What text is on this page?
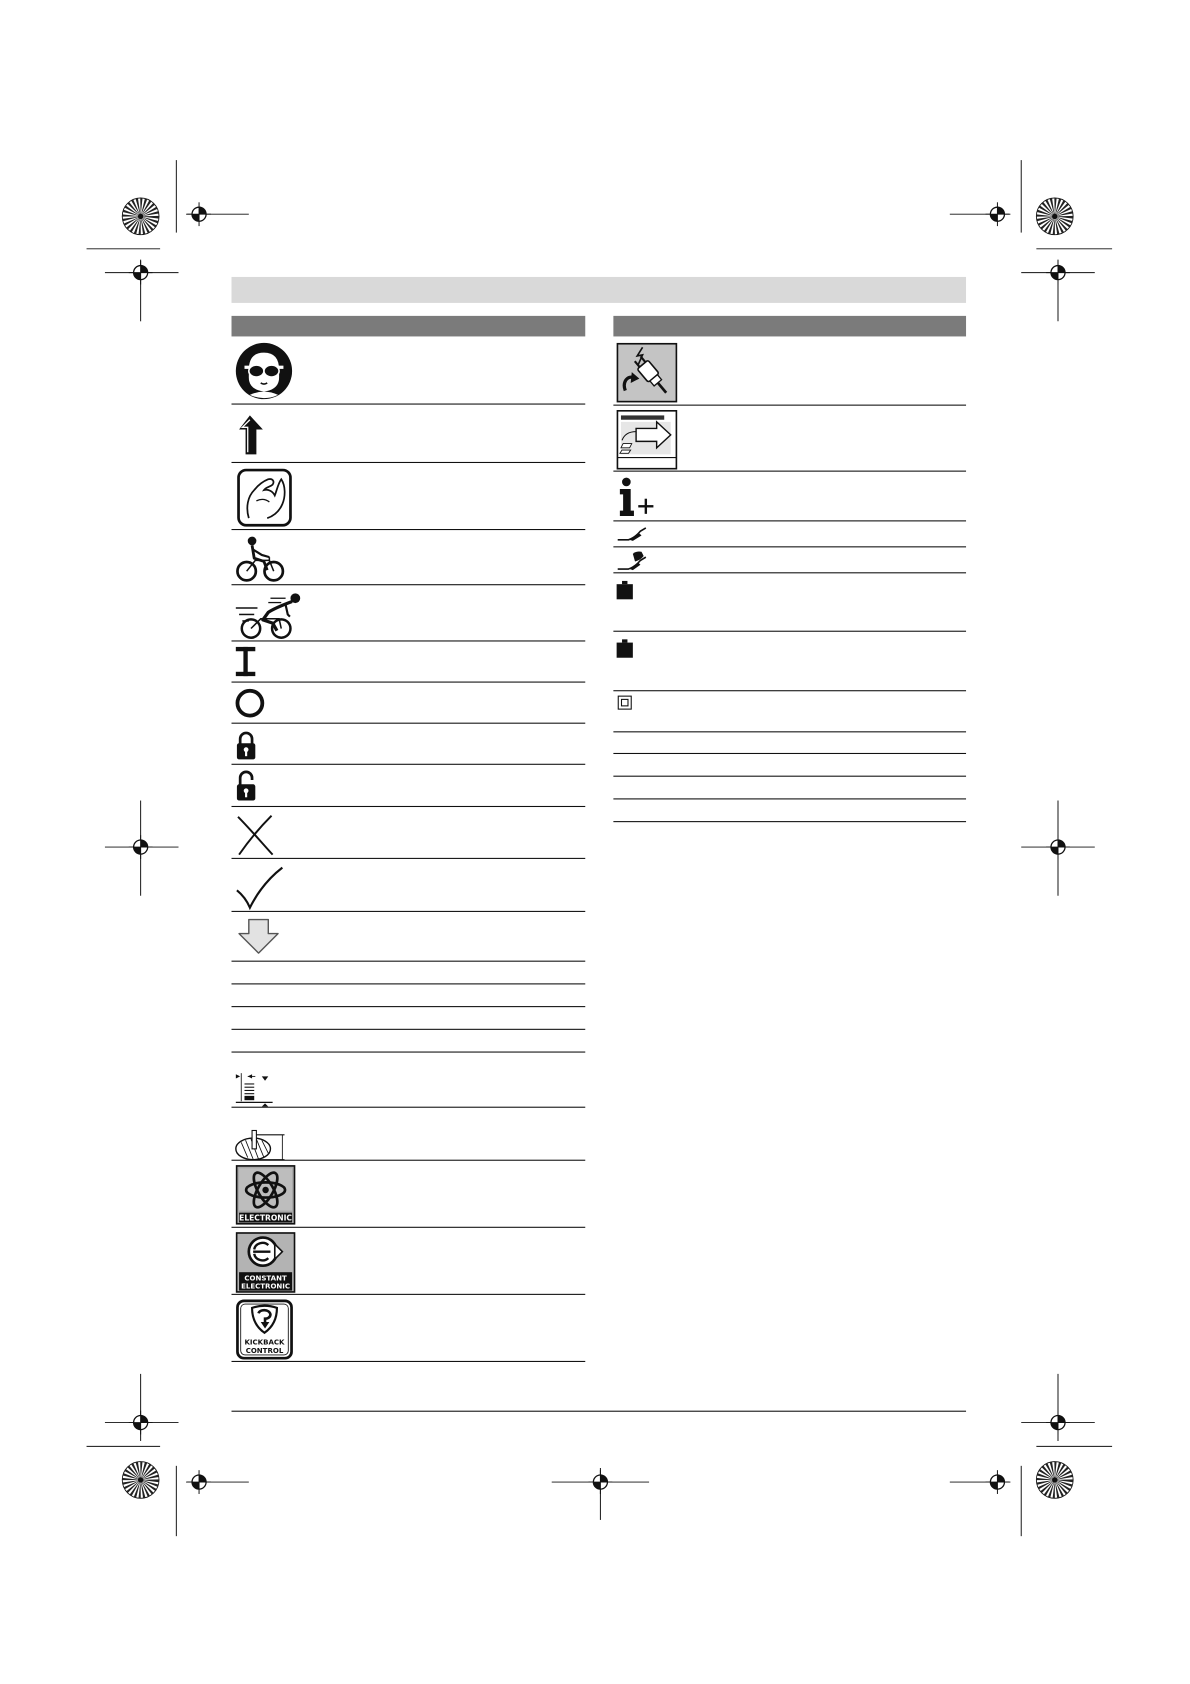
ELECTRONIC
CONSTANT
ELECTRONIC
KICKBACK
CONTROL
